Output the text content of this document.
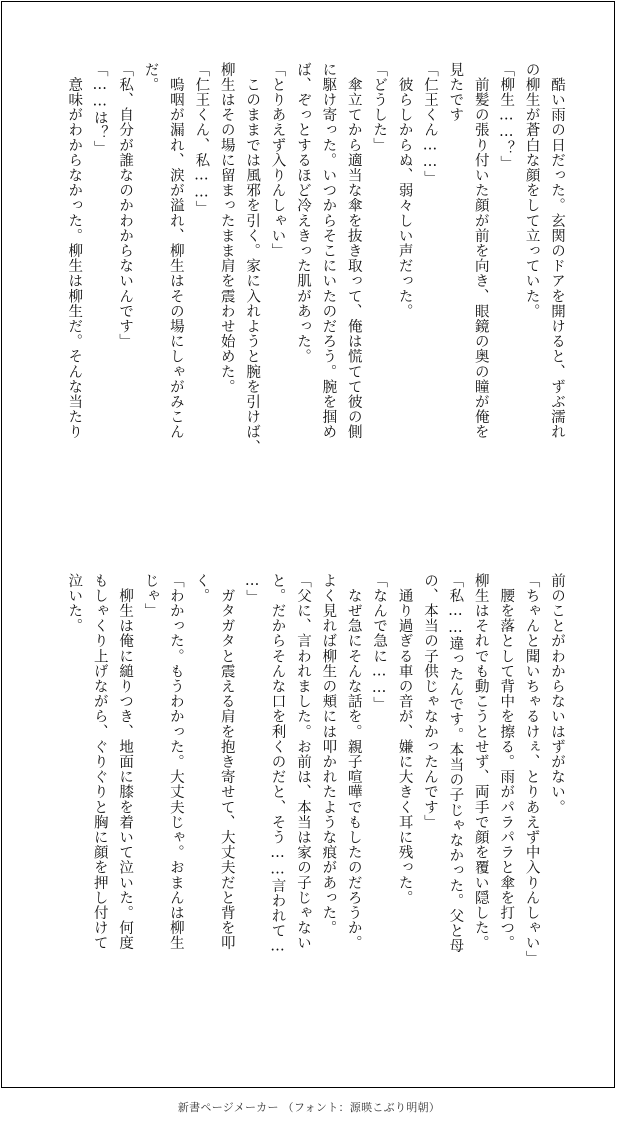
　酷い雨の日だった。玄関のドアを開けると、ずぶ濡れ
の柳生が蒼白な顔をして立っていた。
「柳生……？」
　前髪の張り付いた顔が前を向き、眼鏡の奥の瞳が俺を
見たです
「仁王くん……」
　彼らしからぬ、弱々しい声だった。
「どうした」
　傘立てから適当な傘を抜き取って、俺は慌てて彼の側
に駆け寄った。いつからそこにいたのだろう。腕を掴め
ば、ぞっとするほど冷えきった肌があった。
「とりあえず入りんしゃい」
　このままでは風邪を引く。家に入れようと腕を引けば、
柳生はその場に留まったまま肩を震わせ始めた。
「仁王くん、私……」
　嗚咽が漏れ、涙が溢れ、柳生はその場にしゃがみこん
だ。
「私、自分が誰なのかわからないんです」
「……は？」
　意味がわからなかった。柳生は柳生だ。そんな当たり
前のことがわからないはずがない。
「ちゃんと聞いちゃるけぇ、とりあえず中入りんしゃい」
　腰を落として背中を擦る。雨がパラパラと傘を打つ。
柳生はそれでも動こうとせず、両手で顔を覆い隠した。
「私……違ったんです。本当の子じゃなかった。父と母
の、本当の子供じゃなかったんです」
　通り過ぎる車の音が、嫌に大きく耳に残った。
「なんで急に……」
　なぜ急にそんな話を。親子喧嘩でもしたのだろうか。
よく見れば柳生の頬には叩かれたような痕があった。
「父に、言われました。お前は、本当は家の子じゃない
と。だからそんな口を利くのだと、そう……言われて…
…」
　ガタガタと震える肩を抱き寄せて、大丈夫だと背を叩
く。
「わかった。もうわかった。大丈夫じゃ。おまんは柳生
じゃ」
　柳生は俺に縋りつき、地面に膝を着いて泣いた。何度
もしゃくり上げながら、ぐりぐりと胸に顔を押し付けて
泣いた。
新書ページメーカー （フォント：源暎こぶり明朝）
